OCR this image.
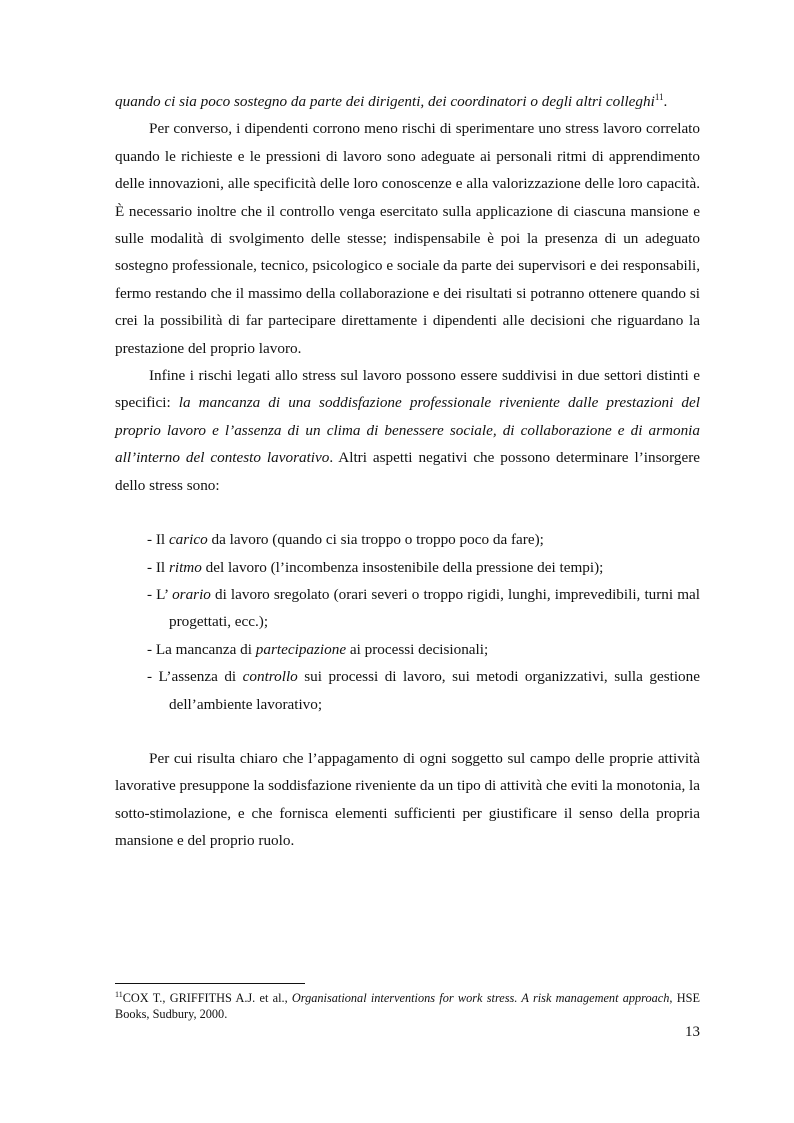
quando ci sia poco sostegno da parte dei dirigenti, dei coordinatori o degli altri colleghi$^{11}$.

Per converso, i dipendenti corrono meno rischi di sperimentare uno stress lavoro correlato quando le richieste e le pressioni di lavoro sono adeguate ai personali ritmi di apprendimento delle innovazioni, alle specificità delle loro conoscenze e alla valorizzazione delle loro capacità. È necessario inoltre che il controllo venga esercitato sulla applicazione di ciascuna mansione e sulle modalità di svolgimento delle stesse; indispensabile è poi la presenza di un adeguato sostegno professionale, tecnico, psicologico e sociale da parte dei supervisori e dei responsabili, fermo restando che il massimo della collaborazione e dei risultati si potranno ottenere quando si crei la possibilità di far partecipare direttamente i dipendenti alle decisioni che riguardano la prestazione del proprio lavoro.

Infine i rischi legati allo stress sul lavoro possono essere suddivisi in due settori distinti e specifici: la mancanza di una soddisfazione professionale riveniente dalle prestazioni del proprio lavoro e l’assenza di un clima di benessere sociale, di collaborazione e di armonia all’interno del contesto lavorativo. Altri aspetti negativi che possono determinare l’insorgere dello stress sono:

- Il carico da lavoro (quando ci sia troppo o troppo poco da fare);
- Il ritmo del lavoro (l’incombenza insostenibile della pressione dei tempi);
- L’ orario di lavoro sregolato (orari severi o troppo rigidi, lunghi, imprevedibili, turni mal progettati, ecc.);
- La mancanza di partecipazione ai processi decisionali;
- L’assenza di controllo sui processi di lavoro, sui metodi organizzativi, sulla gestione dell’ambiente lavorativo;

Per cui risulta chiaro che l’appagamento di ogni soggetto sul campo delle proprie attività lavorative presuppone la soddisfazione riveniente da un tipo di attività che eviti la monotonia, la sotto-stimolazione, e che fornisca elementi sufficienti per giustificare il senso della propria mansione e del proprio ruolo.

$^{11}$COX T., GRIFFITHS A.J. et al., Organisational interventions for work stress. A risk management approach, HSE Books, Sudbury, 2000.

13
